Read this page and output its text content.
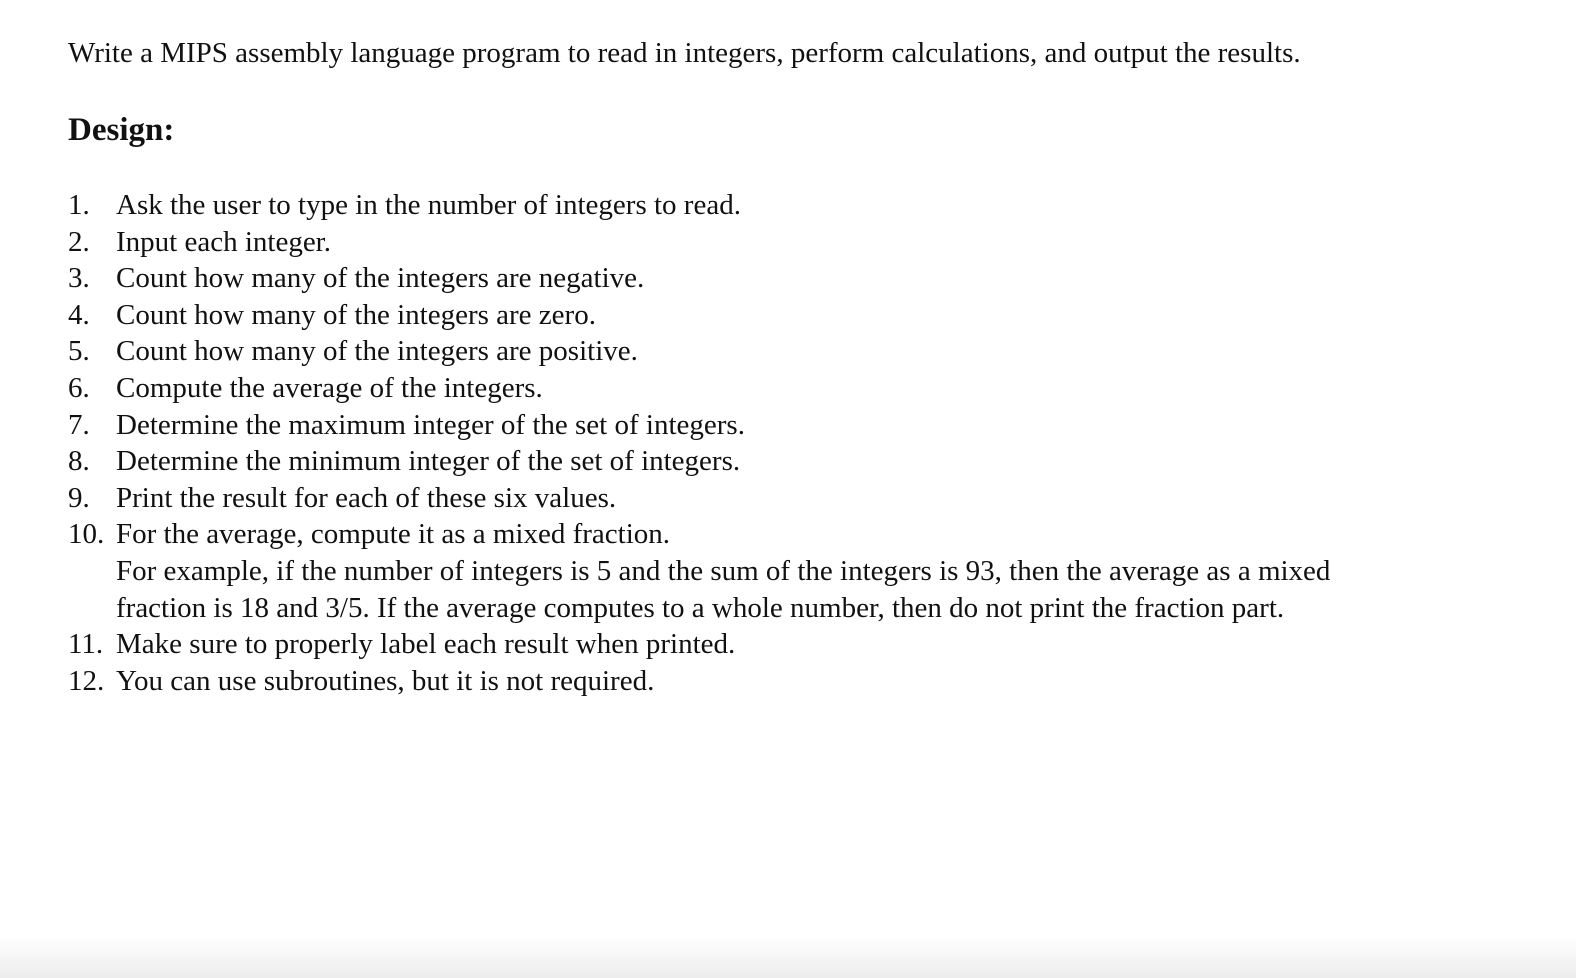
Write a MIPS assembly language program to read in integers, perform calculations, and output the results.

Design:
1. Ask the user to type in the number of integers to read.
2. Input each integer.
3. Count how many of the integers are negative.
4. Count how many of the integers are zero.
5. Count how many of the integers are positive.
6. Compute the average of the integers.
7. Determine the maximum integer of the set of integers.
8. Determine the minimum integer of the set of integers.
9. Print the result for each of these six values.
10. For the average, compute it as a mixed fraction.
For example, if the number of integers is 5 and the sum of the integers is 93, then the average as a mixed
fraction is 18 and 3/5. If the average computes to a whole number, then do not print the fraction part.
11. Make sure to properly label each result when printed.
12. You can use subroutines, but it is not required.
